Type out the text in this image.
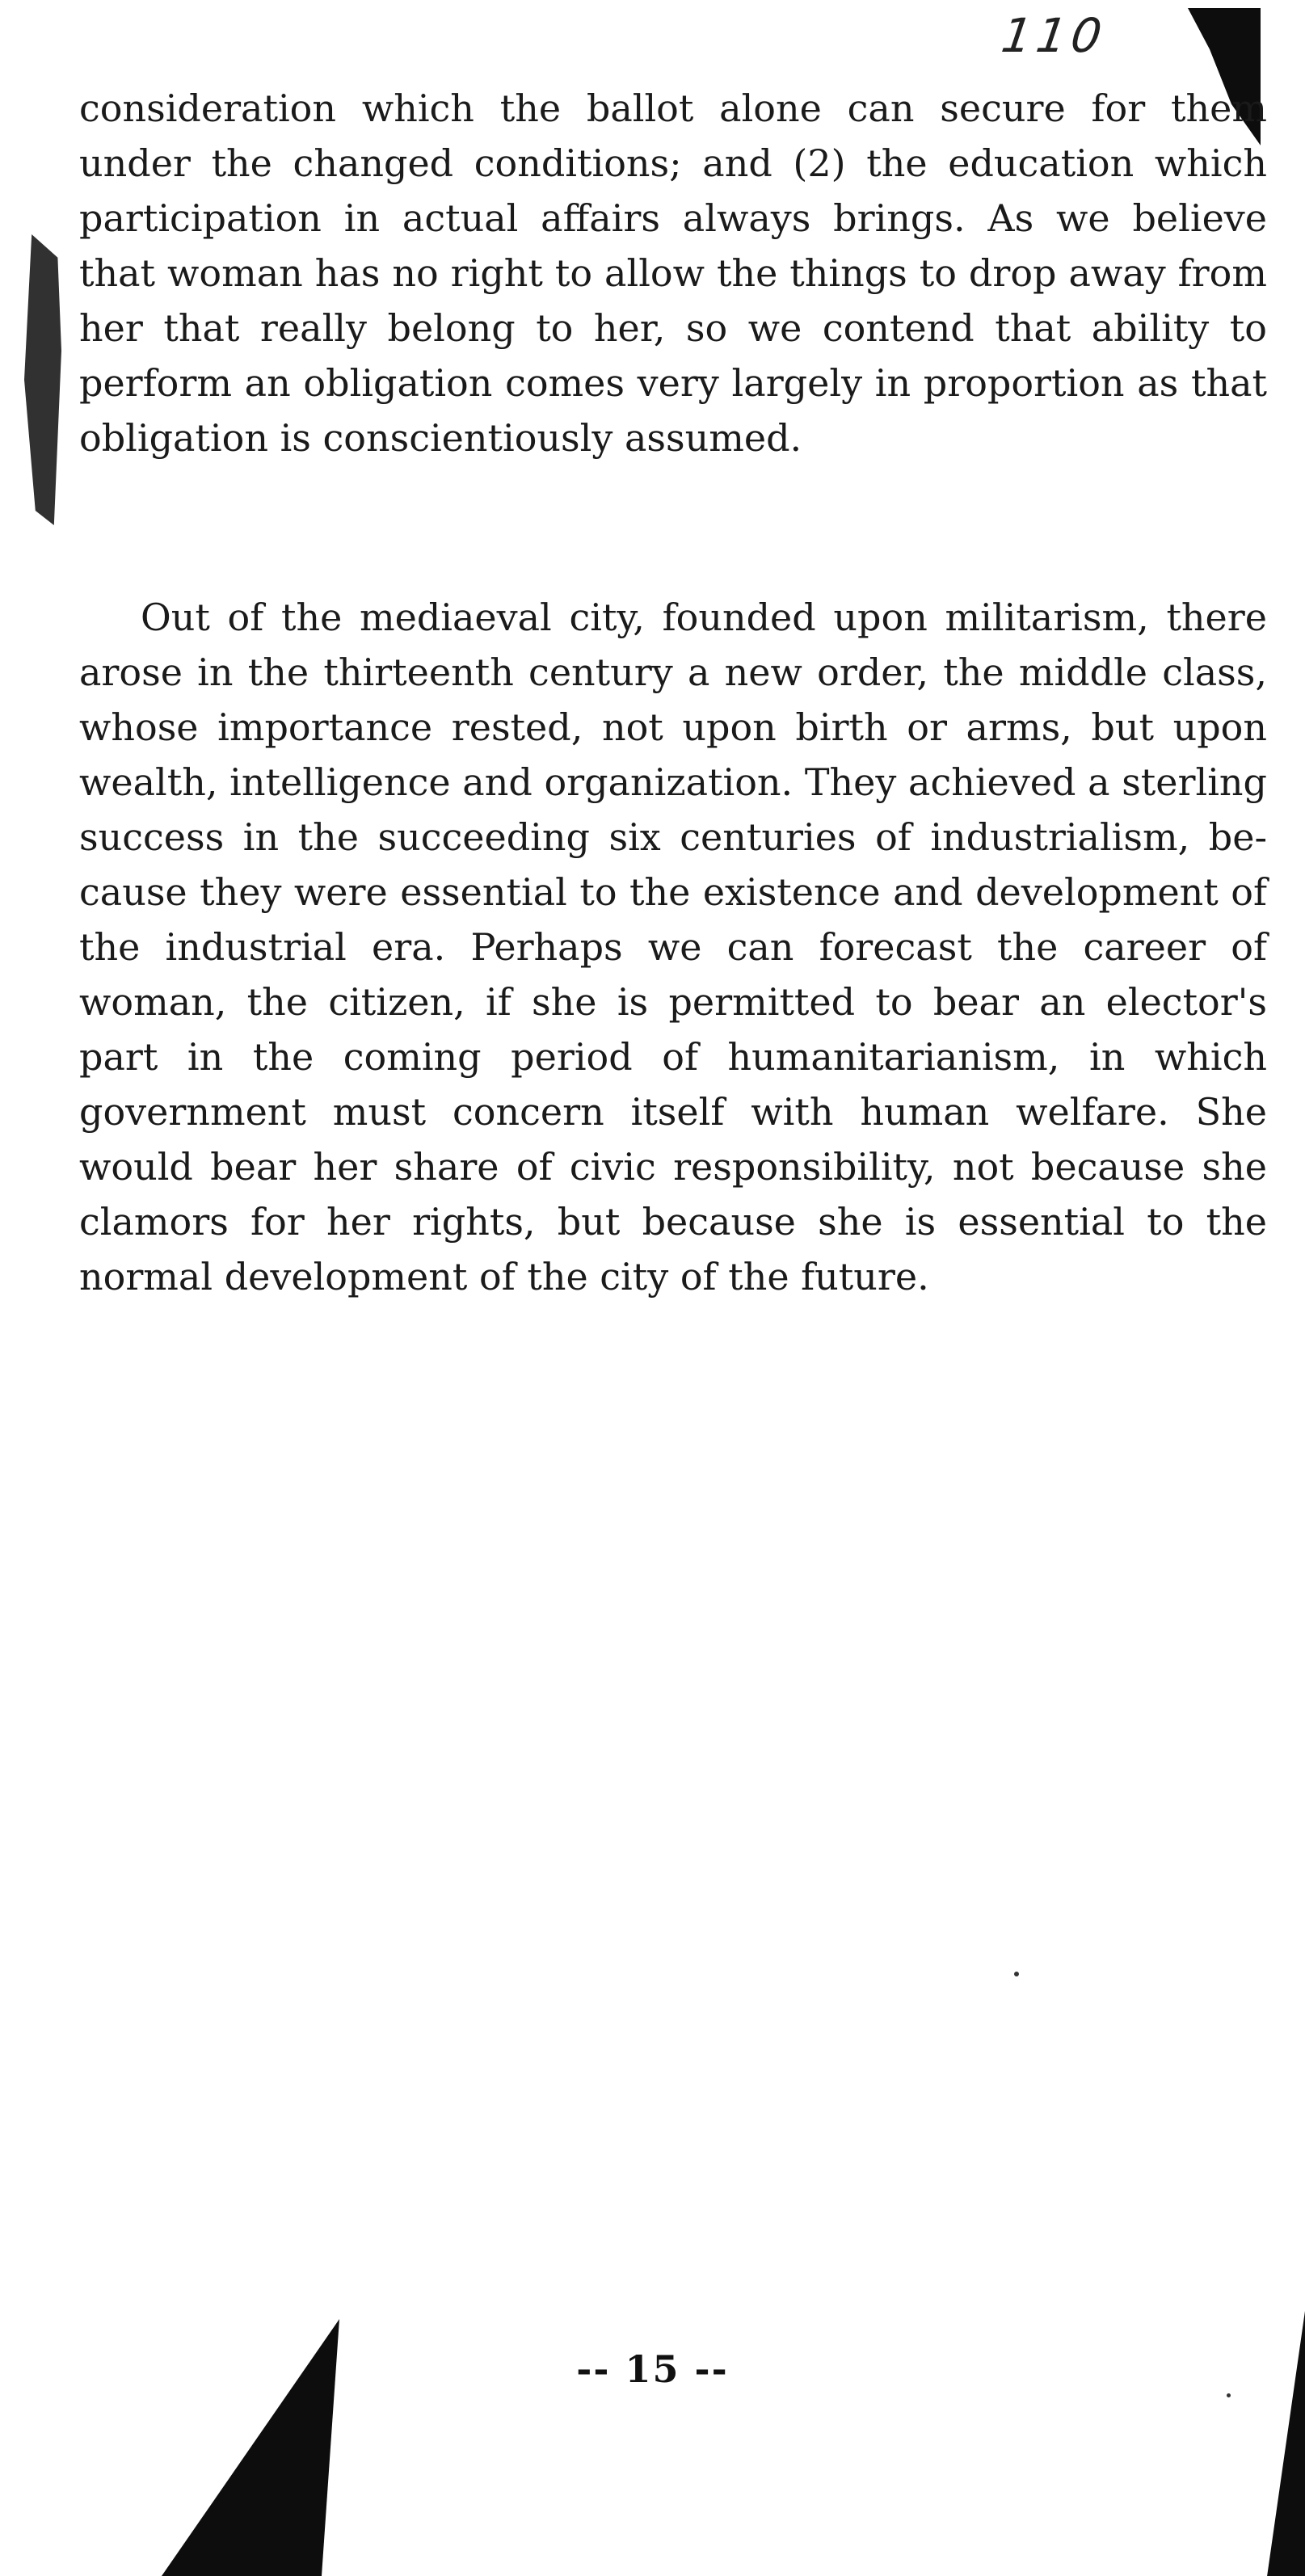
110

consideration which the ballot alone can secure for them under the changed conditions; and (2) the education which participation in actual affairs always brings. As we believe that woman has no right to allow the things to drop away from her that really belong to her, so we contend that ability to perform an obligation comes very largely in proportion as that obligation is conscientiously assumed.

Out of the mediaeval city, founded upon militarism, there arose in the thirteenth century a new order, the middle class, whose importance rested, not upon birth or arms, but upon wealth, intelligence and organization. They achieved a sterling success in the succeeding six centuries of industrialism, because they were essential to the existence and development of the industrial era. Perhaps we can forecast the career of woman, the citizen, if she is permitted to bear an elector's part in the coming period of humanitarianism, in which government must concern itself with human welfare. She would bear her share of civic responsibility, not because she clamors for her rights, but because she is essential to the normal development of the city of the future.

-- 15 --
